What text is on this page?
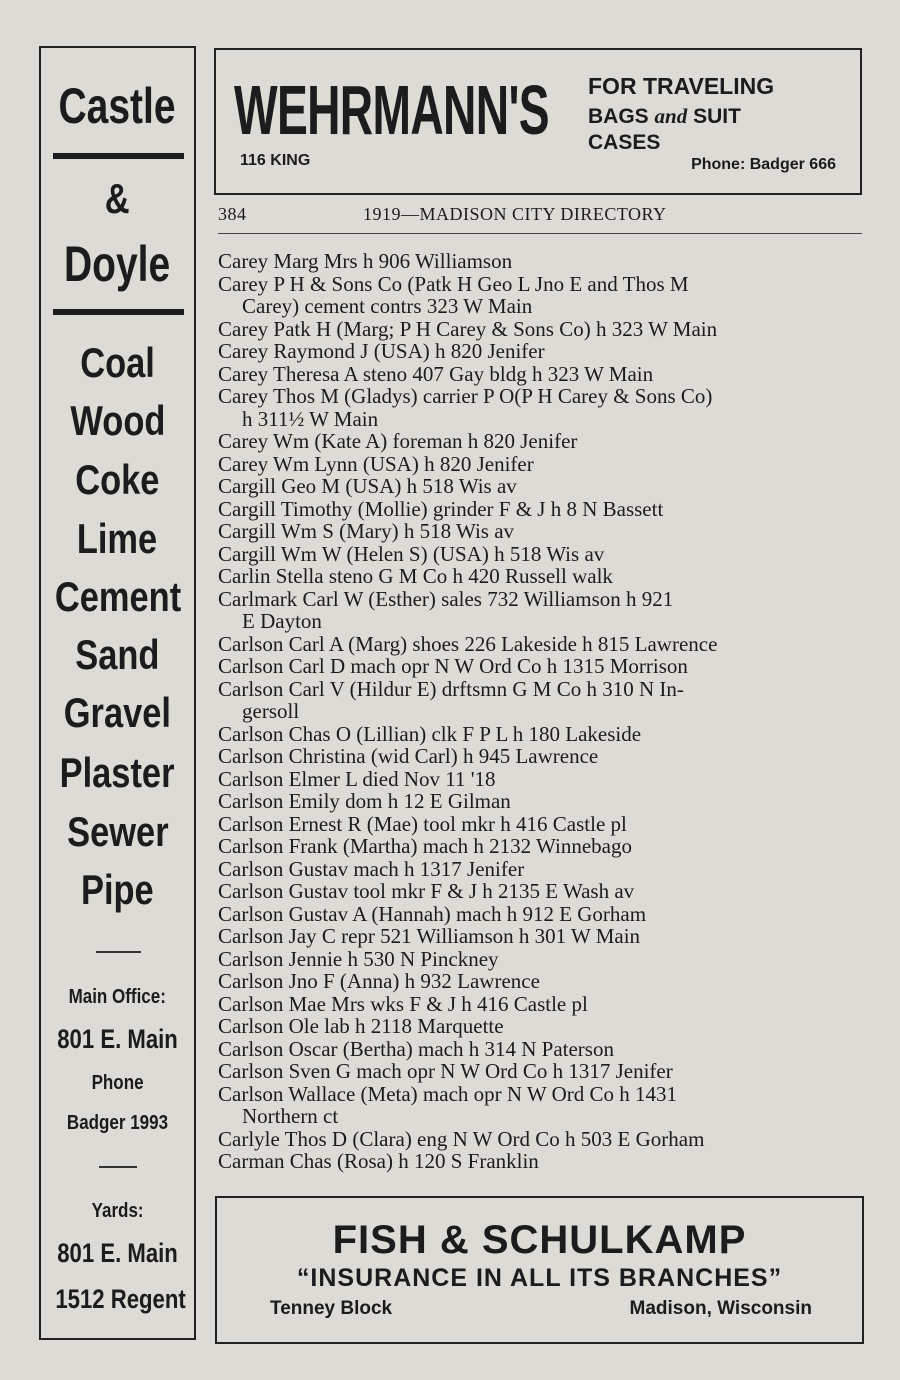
Castle
&
Doyle
Coal
Wood
Coke
Lime
Cement
Sand
Gravel
Plaster
Sewer
Pipe
Main Office:
801 E. Main
Phone
Badger 1993
Yards:
801 E. Main
1512 Regent
WEHRMANN'S FOR TRAVELING
BAGS and SUIT
CASES
116 KING	Phone: Badger 666
384	1919—MADISON CITY DIRECTORY
Carey Marg Mrs h 906 Williamson
Carey P H & Sons Co (Patk H Geo L Jno E and Thos M
Carey) cement contrs 323 W Main
Carey Patk H (Marg; P H Carey & Sons Co) h 323 W Main
Carey Raymond J (USA) h 820 Jenifer
Carey Theresa A steno 407 Gay bldg h 323 W Main
Carey Thos M (Gladys) carrier P O(P H Carey & Sons Co)
h 311½ W Main
Carey Wm (Kate A) foreman h 820 Jenifer
Carey Wm Lynn (USA) h 820 Jenifer
Cargill Geo M (USA) h 518 Wis av
Cargill Timothy (Mollie) grinder F & J h 8 N Bassett
Cargill Wm S (Mary) h 518 Wis av
Cargill Wm W (Helen S) (USA) h 518 Wis av
Carlin Stella steno G M Co h 420 Russell walk
Carlmark Carl W (Esther) sales 732 Williamson h 921
E Dayton
Carlson Carl A (Marg) shoes 226 Lakeside h 815 Lawrence
Carlson Carl D mach opr N W Ord Co h 1315 Morrison
Carlson Carl V (Hildur E) drftsmn G M Co h 310 N In-
gersoll
Carlson Chas O (Lillian) clk F P L h 180 Lakeside
Carlson Christina (wid Carl) h 945 Lawrence
Carlson Elmer L died Nov 11 '18
Carlson Emily dom h 12 E Gilman
Carlson Ernest R (Mae) tool mkr h 416 Castle pl
Carlson Frank (Martha) mach h 2132 Winnebago
Carlson Gustav mach h 1317 Jenifer
Carlson Gustav tool mkr F & J h 2135 E Wash av
Carlson Gustav A (Hannah) mach h 912 E Gorham
Carlson Jay C repr 521 Williamson h 301 W Main
Carlson Jennie h 530 N Pinckney
Carlson Jno F (Anna) h 932 Lawrence
Carlson Mae Mrs wks F & J h 416 Castle pl
Carlson Ole lab h 2118 Marquette
Carlson Oscar (Bertha) mach h 314 N Paterson
Carlson Sven G mach opr N W Ord Co h 1317 Jenifer
Carlson Wallace (Meta) mach opr N W Ord Co h 1431
Northern ct
Carlyle Thos D (Clara) eng N W Ord Co h 503 E Gorham
Carman Chas (Rosa) h 120 S Franklin
FISH & SCHULKAMP
“INSURANCE IN ALL ITS BRANCHES”
Tenney Block	Madison, Wisconsin
